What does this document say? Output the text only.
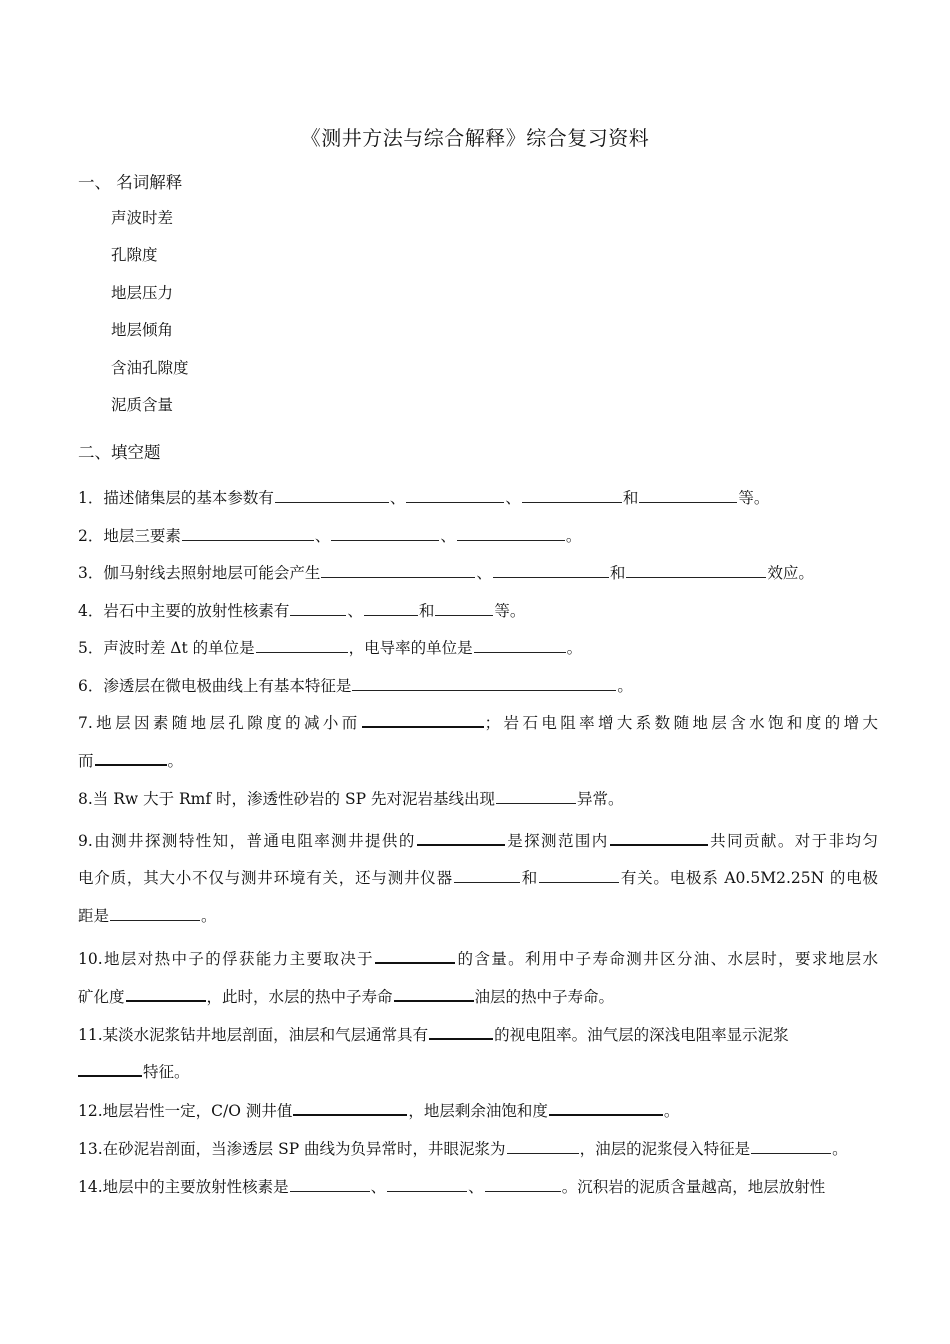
《测井方法与综合解释》综合复习资料
一、 名词解释
声波时差
孔隙度
地层压力
地层倾角
含油孔隙度
泥质含量
二、填空题
1．描述储集层的基本参数有	、	、	和	等。
2．地层三要素	、	、	。
3．伽马射线去照射地层可能会产生	、	和	效应。
4．岩石中主要的放射性核素有	、	和	等。
5．声波时差 Δt 的单位是	，电导率的单位是	。
6．渗透层在微电极曲线上有基本特征是	。
7.地层因素随地层孔隙度的减小而	；岩石电阻率增大系数随地层含水饱和度的增大
而	。
8.当 Rw 大于 Rmf 时，渗透性砂岩的 SP 先对泥岩基线出现	异常。
9.由测井探测特性知，普通电阻率测井提供的	是探测范围内	共同贡献。对于非均匀
电介质，其大小不仅与测井环境有关，还与测井仪器	和	有关。电极系 A0.5M2.25N 的电极
距是	。
10.地层对热中子的俘获能力主要取决于	的含量。利用中子寿命测井区分油、水层时，要求地层水
矿化度	，此时，水层的热中子寿命	油层的热中子寿命。
11.某淡水泥浆钻井地层剖面，油层和气层通常具有	的视电阻率。油气层的深浅电阻率显示泥浆
特征。
12.地层岩性一定，C/O 测井值	，地层剩余油饱和度	。
13.在砂泥岩剖面，当渗透层 SP 曲线为负异常时，井眼泥浆为	，油层的泥浆侵入特征是	。
14.地层中的主要放射性核素是	、	、	。沉积岩的泥质含量越高，地层放射性
